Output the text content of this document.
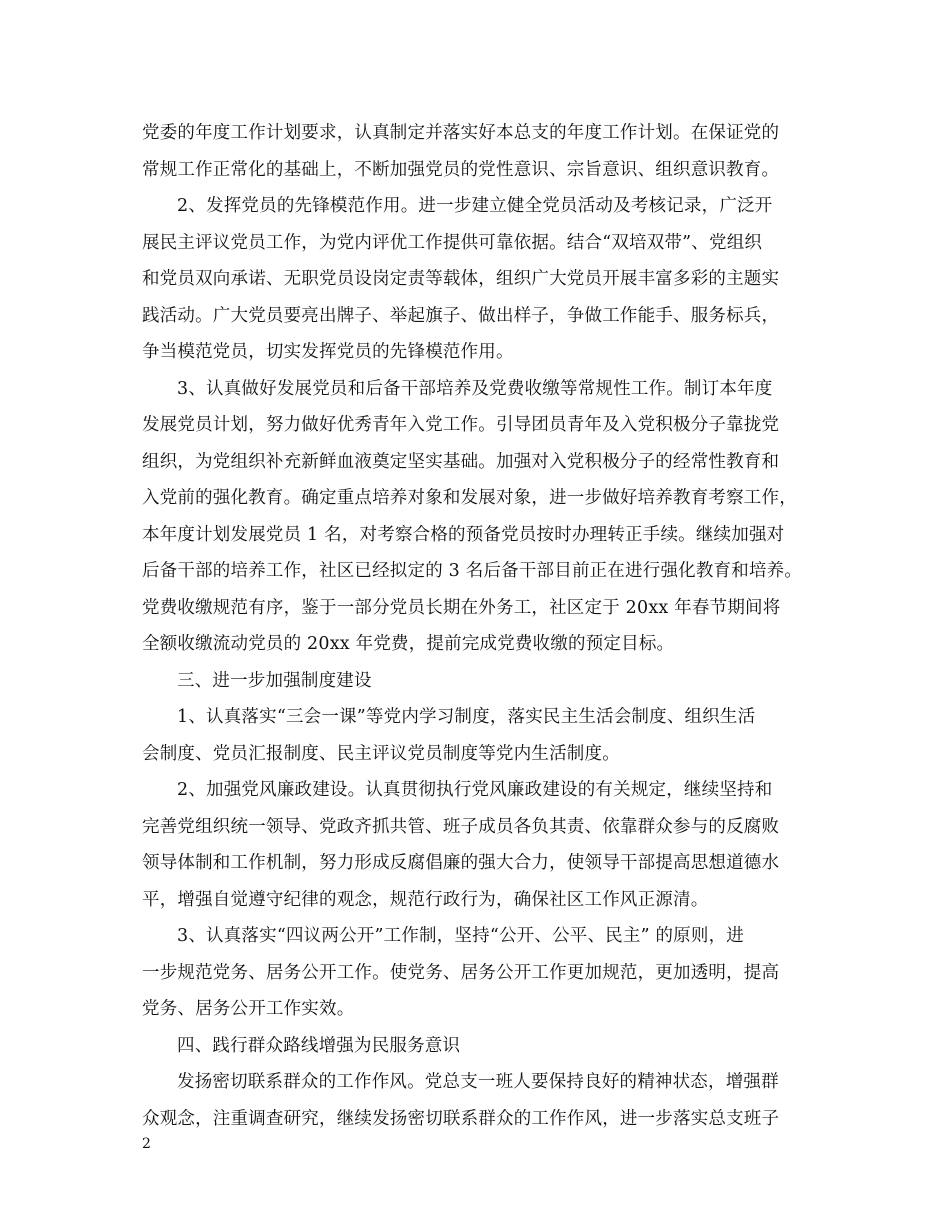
党委的年度工作计划要求，认真制定并落实好本总支的年度工作计划。在保证党的
常规工作正常化的基础上，不断加强党员的党性意识、宗旨意识、组织意识教育。
2、发挥党员的先锋模范作用。进一步建立健全党员活动及考核记录，广泛开
展民主评议党员工作，为党内评优工作提供可靠依据。结合“双培双带”、党组织
和党员双向承诺、无职党员设岗定责等载体，组织广大党员开展丰富多彩的主题实
践活动。广大党员要亮出牌子、举起旗子、做出样子，争做工作能手、服务标兵，
争当模范党员，切实发挥党员的先锋模范作用。
3、认真做好发展党员和后备干部培养及党费收缴等常规性工作。制订本年度
发展党员计划，努力做好优秀青年入党工作。引导团员青年及入党积极分子靠拢党
组织，为党组织补充新鲜血液奠定坚实基础。加强对入党积极分子的经常性教育和
入党前的强化教育。确定重点培养对象和发展对象，进一步做好培养教育考察工作，
本年度计划发展党员 1 名，对考察合格的预备党员按时办理转正手续。继续加强对
后备干部的培养工作，社区已经拟定的 3 名后备干部目前正在进行强化教育和培养。
党费收缴规范有序，鉴于一部分党员长期在外务工，社区定于 20xx 年春节期间将
全额收缴流动党员的 20xx 年党费，提前完成党费收缴的预定目标。
三、进一步加强制度建设
1、认真落实“三会一课”等党内学习制度，落实民主生活会制度、组织生活
会制度、党员汇报制度、民主评议党员制度等党内生活制度。
2、加强党风廉政建设。认真贯彻执行党风廉政建设的有关规定，继续坚持和
完善党组织统一领导、党政齐抓共管、班子成员各负其责、依靠群众参与的反腐败
领导体制和工作机制，努力形成反腐倡廉的强大合力，使领导干部提高思想道德水
平，增强自觉遵守纪律的观念，规范行政行为，确保社区工作风正源清。
3、认真落实“四议两公开”工作制，坚持“公开、公平、民主” 的原则，进
一步规范党务、居务公开工作。使党务、居务公开工作更加规范，更加透明，提高
党务、居务公开工作实效。
四、践行群众路线增强为民服务意识
发扬密切联系群众的工作作风。党总支一班人要保持良好的精神状态，增强群
众观念，注重调查研究，继续发扬密切联系群众的工作作风，进一步落实总支班子
2
